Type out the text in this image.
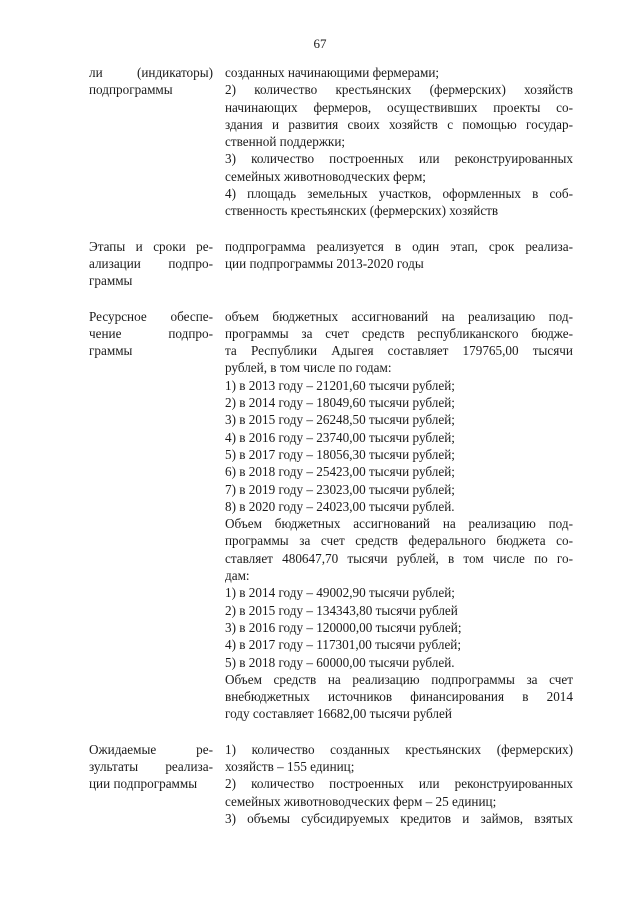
67
ли (индикаторы)
подпрограммы
созданных начинающими фермерами;
2) количество крестьянских (фермерских) хозяйств
начинающих фермеров, осуществивших проекты со-
здания и развития своих хозяйств с помощью государ-
ственной поддержки;
3) количество построенных или реконструированных
семейных животноводческих ферм;
4) площадь земельных участков, оформленных в соб-
ственность крестьянских (фермерских) хозяйств
Этапы и сроки ре-
ализации подпро-
граммы
подпрограмма реализуется в один этап, срок реализа-
ции подпрограммы 2013-2020 годы
Ресурсное обеспе-
чение подпро-
граммы
объем бюджетных ассигнований на реализацию под-
программы за счет средств республиканского бюдже-
та Республики Адыгея составляет 179765,00 тысячи
рублей, в том числе по годам:
1) в 2013 году – 21201,60 тысячи рублей;
2) в 2014 году – 18049,60 тысячи рублей;
3) в 2015 году – 26248,50 тысячи рублей;
4) в 2016 году – 23740,00 тысячи рублей;
5) в 2017 году – 18056,30 тысячи рублей;
6) в 2018 году – 25423,00 тысячи рублей;
7) в 2019 году – 23023,00 тысячи рублей;
8) в 2020 году – 24023,00 тысячи рублей.
Объем бюджетных ассигнований на реализацию под-
программы за счет средств федерального бюджета со-
ставляет 480647,70 тысячи рублей, в том числе по го-
дам:
1) в 2014 году – 49002,90 тысячи рублей;
2) в 2015 году – 134343,80 тысячи рублей
3) в 2016 году – 120000,00 тысячи рублей;
4) в 2017 году – 117301,00 тысячи рублей;
5) в 2018 году – 60000,00 тысячи рублей.
Объем средств на реализацию подпрограммы за счет
внебюджетных источников финансирования в 2014
году составляет 16682,00 тысячи рублей
Ожидаемые ре-
зультаты реализа-
ции подпрограммы
1) количество созданных крестьянских (фермерских)
хозяйств – 155 единиц;
2) количество построенных или реконструированных
семейных животноводческих ферм – 25 единиц;
3) объемы субсидируемых кредитов и займов, взятых
